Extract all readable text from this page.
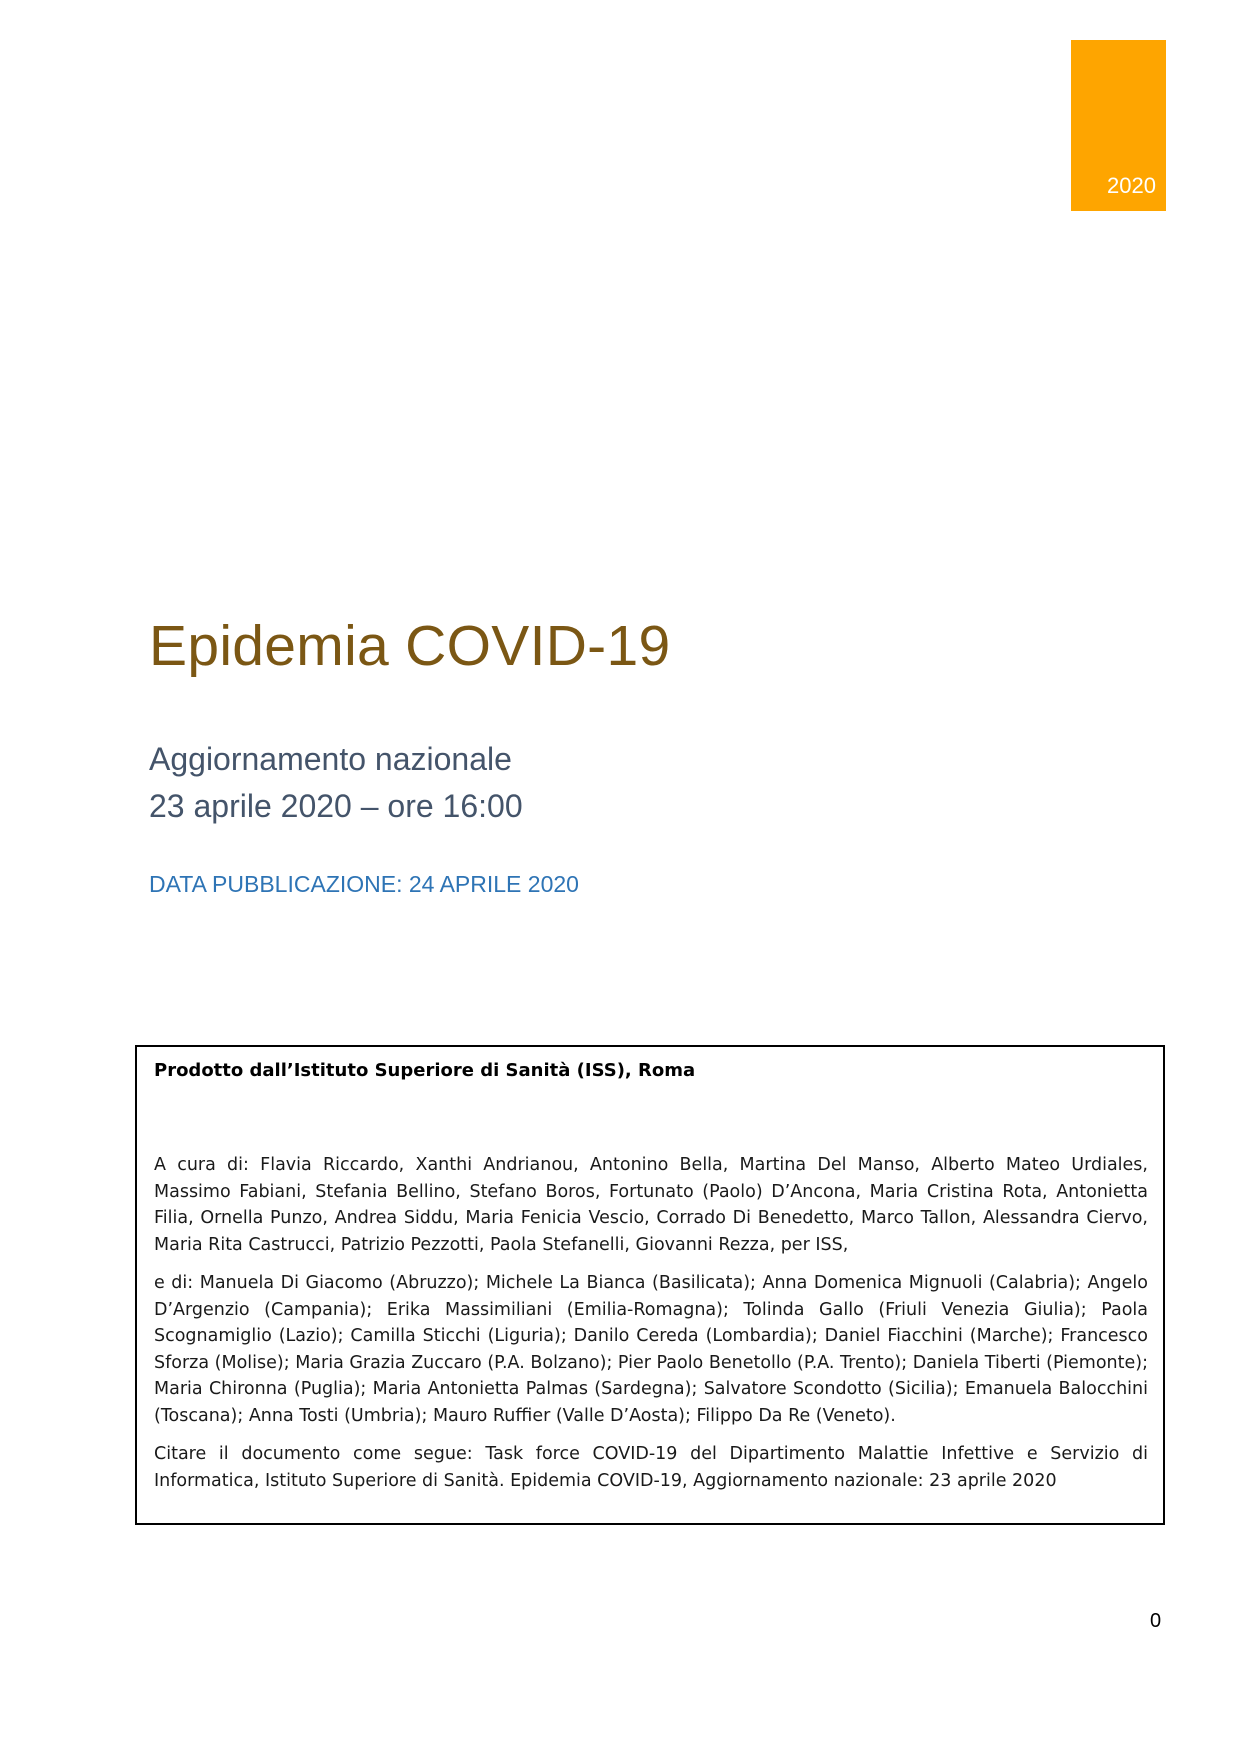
2020
Epidemia COVID-19
Aggiornamento nazionale
23 aprile 2020 – ore 16:00
DATA PUBBLICAZIONE: 24 APRILE 2020

Prodotto dall’Istituto Superiore di Sanità (ISS), Roma

A cura di: Flavia Riccardo, Xanthi Andrianou, Antonino Bella, Martina Del Manso, Alberto Mateo Urdiales, Massimo Fabiani, Stefania Bellino, Stefano Boros, Fortunato (Paolo) D’Ancona, Maria Cristina Rota, Antonietta Filia, Ornella Punzo, Andrea Siddu, Maria Fenicia Vescio, Corrado Di Benedetto, Marco Tallon, Alessandra Ciervo, Maria Rita Castrucci, Patrizio Pezzotti, Paola Stefanelli, Giovanni Rezza, per ISS,

e di: Manuela Di Giacomo (Abruzzo); Michele La Bianca (Basilicata); Anna Domenica Mignuoli (Calabria); Angelo D’Argenzio (Campania); Erika Massimiliani (Emilia-Romagna); Tolinda Gallo (Friuli Venezia Giulia); Paola Scognamiglio (Lazio); Camilla Sticchi (Liguria); Danilo Cereda (Lombardia); Daniel Fiacchini (Marche); Francesco Sforza (Molise); Maria Grazia Zuccaro (P.A. Bolzano); Pier Paolo Benetollo (P.A. Trento); Daniela Tiberti (Piemonte); Maria Chironna (Puglia); Maria Antonietta Palmas (Sardegna); Salvatore Scondotto (Sicilia); Emanuela Balocchini (Toscana); Anna Tosti (Umbria); Mauro Ruffier (Valle D’Aosta); Filippo Da Re (Veneto).

Citare il documento come segue: Task force COVID-19 del Dipartimento Malattie Infettive e Servizio di Informatica, Istituto Superiore di Sanità. Epidemia COVID-19, Aggiornamento nazionale: 23 aprile 2020

0
